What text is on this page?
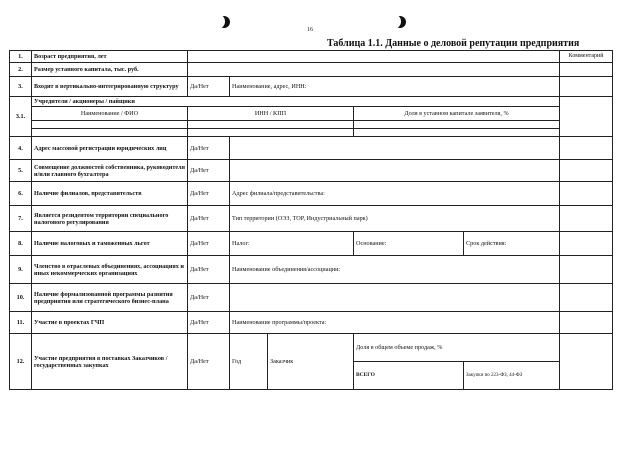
16
Таблица 1.1. Данные о деловой репутации предприятия
1.	Возраст предприятия, лет						Комментарий	
2.	Размер уставного капитала, тыс. руб.							
3.	Входит в вертикально-интегрированную структуру	Да/Нет	Наименование, адрес, ИНН:					
3.1.	Учредители / акционеры / пайщики							
	Наименование / ФИО	ИНН / КПП			Доля в уставном капитале заявителя, %			

4.	Адрес массовой регистрации юридических лиц	Да/Нет						
5.	Совмещение должностей собственника, руководителя и/или главного бухгалтера	Да/Нет						
6.	Наличие филиалов, представительств	Да/Нет	Адрес филиала/представительства:					
7.	Является резидентом территории специального налогового регулирования	Да/Нет	Тип территории (ОЭЗ, ТОР, Индустриальный парк)					
8.	Наличие налоговых и таможенных льгот	Да/Нет	Налог:		Основание:	Срок действия:		
9.	Членство в отраслевых объединениях, ассоциациях и иных некоммерческих организациях	Да/Нет	Наименование объединения/ассоциации:					
10.	Наличие формализованной программы развития предприятия или стратегического бизнес-плана	Да/Нет						
11.	Участие в проектах ГЧП	Да/Нет	Наименование программы/проекта:					
12.	Участие предприятия в поставках Заказчиков / государственных закупках	Да/Нет	Год	Заказчик	Доля в общем объеме продаж, %			
					ВСЕГО	Закупки по 223-ФЗ, 44-ФЗ	
